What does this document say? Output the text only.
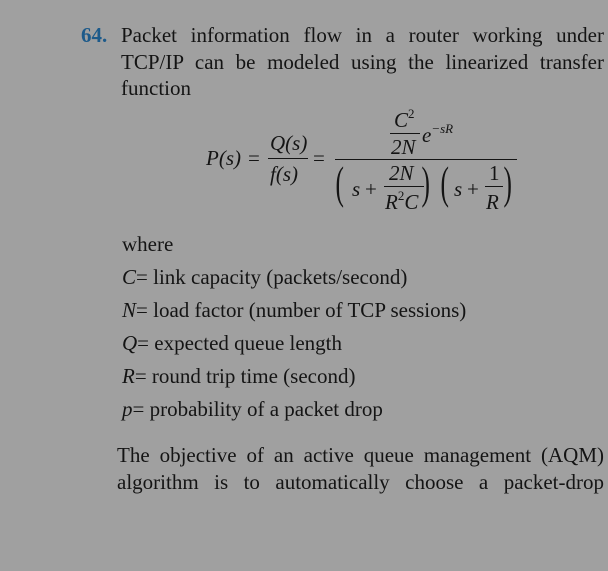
64. Packet information flow in a router working under
TCP/IP can be modeled using the linearized transfer
function
P(s) =
Q(s)
f(s)
=
$C^2$
2N $e^{-sR}$
( s +
2N
$R^2C$ ) ( s +
1
R )
where
C= link capacity (packets/second)
N= load factor (number of TCP sessions)
Q= expected queue length
R= round trip time (second)
p= probability of a packet drop
The objective of an active queue management (AQM)
algorithm is to automatically choose a packet-drop
